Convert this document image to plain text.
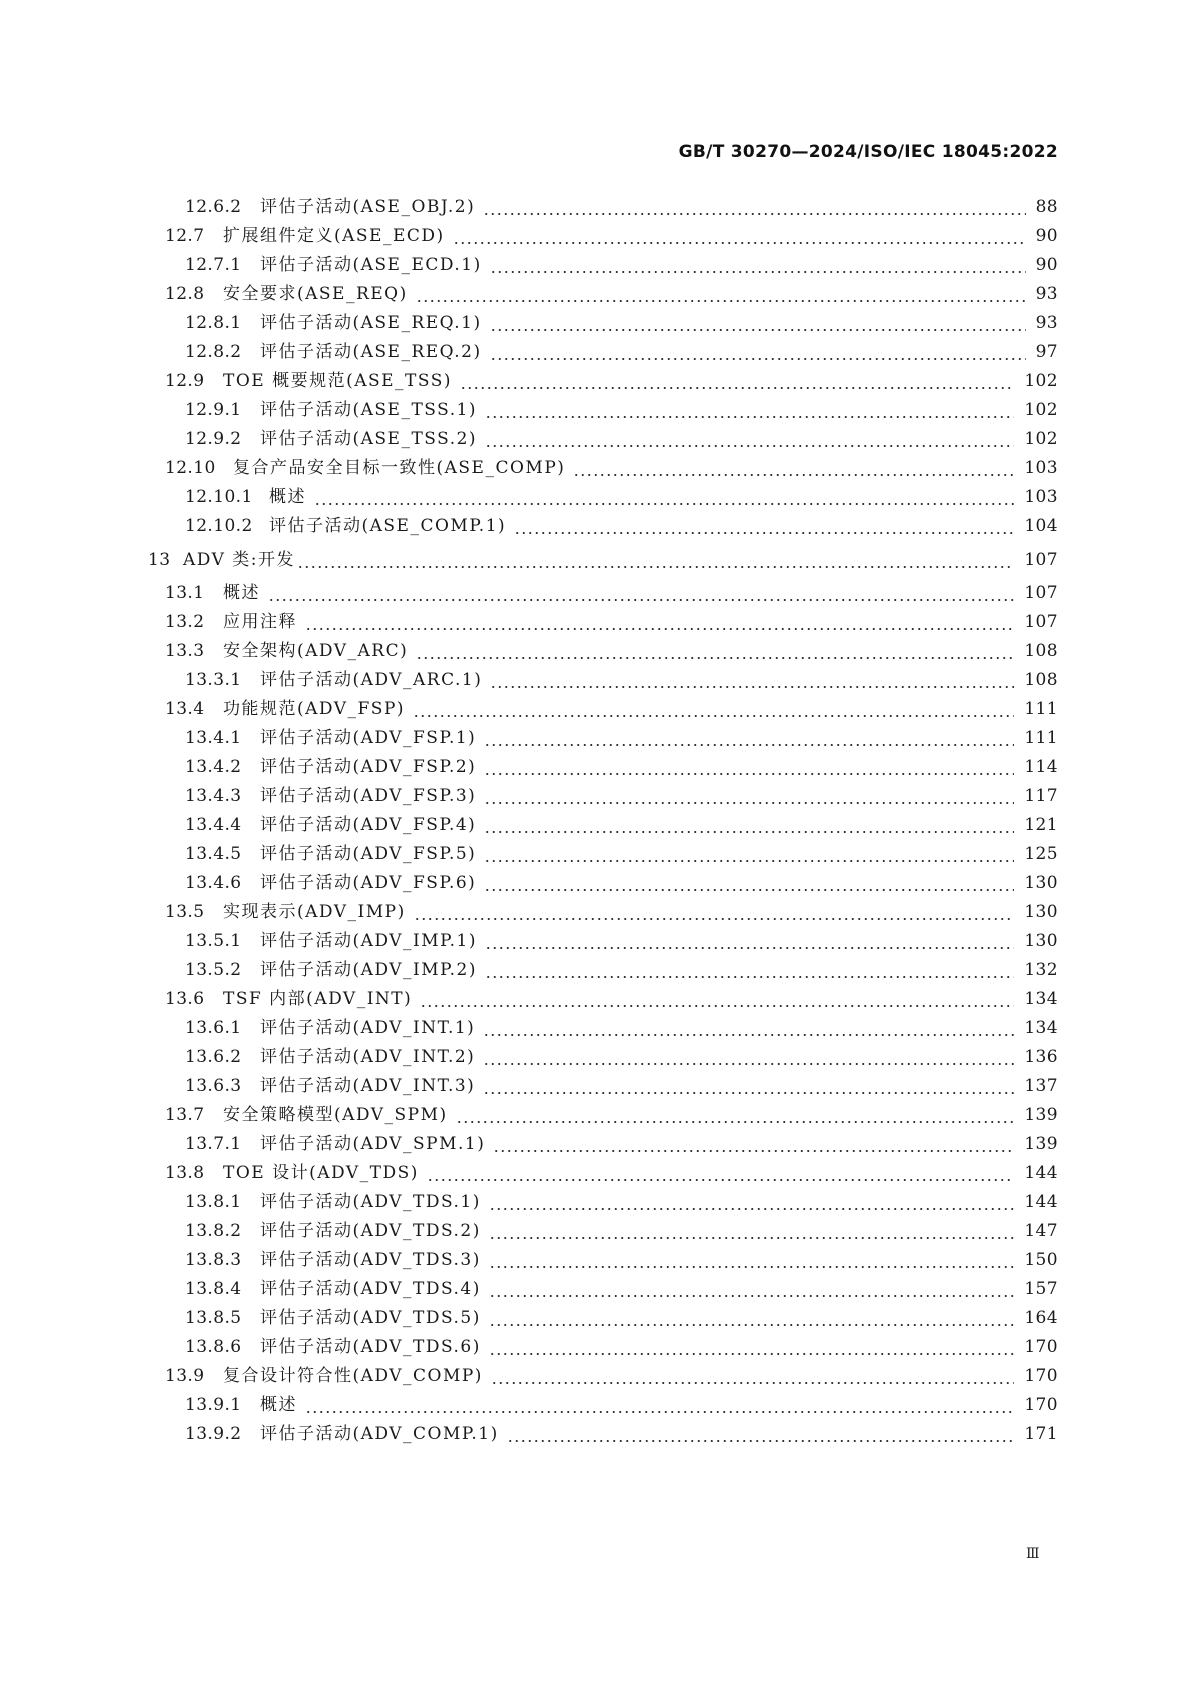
GB/T 30270—2024/ISO/IEC 18045:2022
12.6.2	评估子活动(ASE_OBJ.2)	88
12.7	扩展组件定义(ASE_ECD)	90
12.7.1	评估子活动(ASE_ECD.1)	90
12.8	安全要求(ASE_REQ)	93
12.8.1	评估子活动(ASE_REQ.1)	93
12.8.2	评估子活动(ASE_REQ.2)	97
12.9	TOE 概要规范(ASE_TSS)	102
12.9.1	评估子活动(ASE_TSS.1)	102
12.9.2	评估子活动(ASE_TSS.2)	102
12.10	复合产品安全目标一致性(ASE_COMP)	103
12.10.1 概述	103
12.10.2 评估子活动(ASE_COMP.1)	104
13 ADV 类:开发	107
13.1	概述	107
13.2	应用注释	107
13.3	安全架构(ADV_ARC)	108
13.3.1	评估子活动(ADV_ARC.1)	108
13.4	功能规范(ADV_FSP)	111
13.4.1	评估子活动(ADV_FSP.1)	111
13.4.2	评估子活动(ADV_FSP.2)	114
13.4.3	评估子活动(ADV_FSP.3)	117
13.4.4	评估子活动(ADV_FSP.4)	121
13.4.5	评估子活动(ADV_FSP.5)	125
13.4.6	评估子活动(ADV_FSP.6)	130
13.5	实现表示(ADV_IMP)	130
13.5.1	评估子活动(ADV_IMP.1)	130
13.5.2	评估子活动(ADV_IMP.2)	132
13.6	TSF 内部(ADV_INT)	134
13.6.1	评估子活动(ADV_INT.1)	134
13.6.2	评估子活动(ADV_INT.2)	136
13.6.3	评估子活动(ADV_INT.3)	137
13.7	安全策略模型(ADV_SPM)	139
13.7.1	评估子活动(ADV_SPM.1)	139
13.8	TOE 设计(ADV_TDS)	144
13.8.1	评估子活动(ADV_TDS.1)	144
13.8.2	评估子活动(ADV_TDS.2)	147
13.8.3	评估子活动(ADV_TDS.3)	150
13.8.4	评估子活动(ADV_TDS.4)	157
13.8.5	评估子活动(ADV_TDS.5)	164
13.8.6	评估子活动(ADV_TDS.6)	170
13.9	复合设计符合性(ADV_COMP)	170
13.9.1	概述	170
13.9.2	评估子活动(ADV_COMP.1)	171
Ⅲ
